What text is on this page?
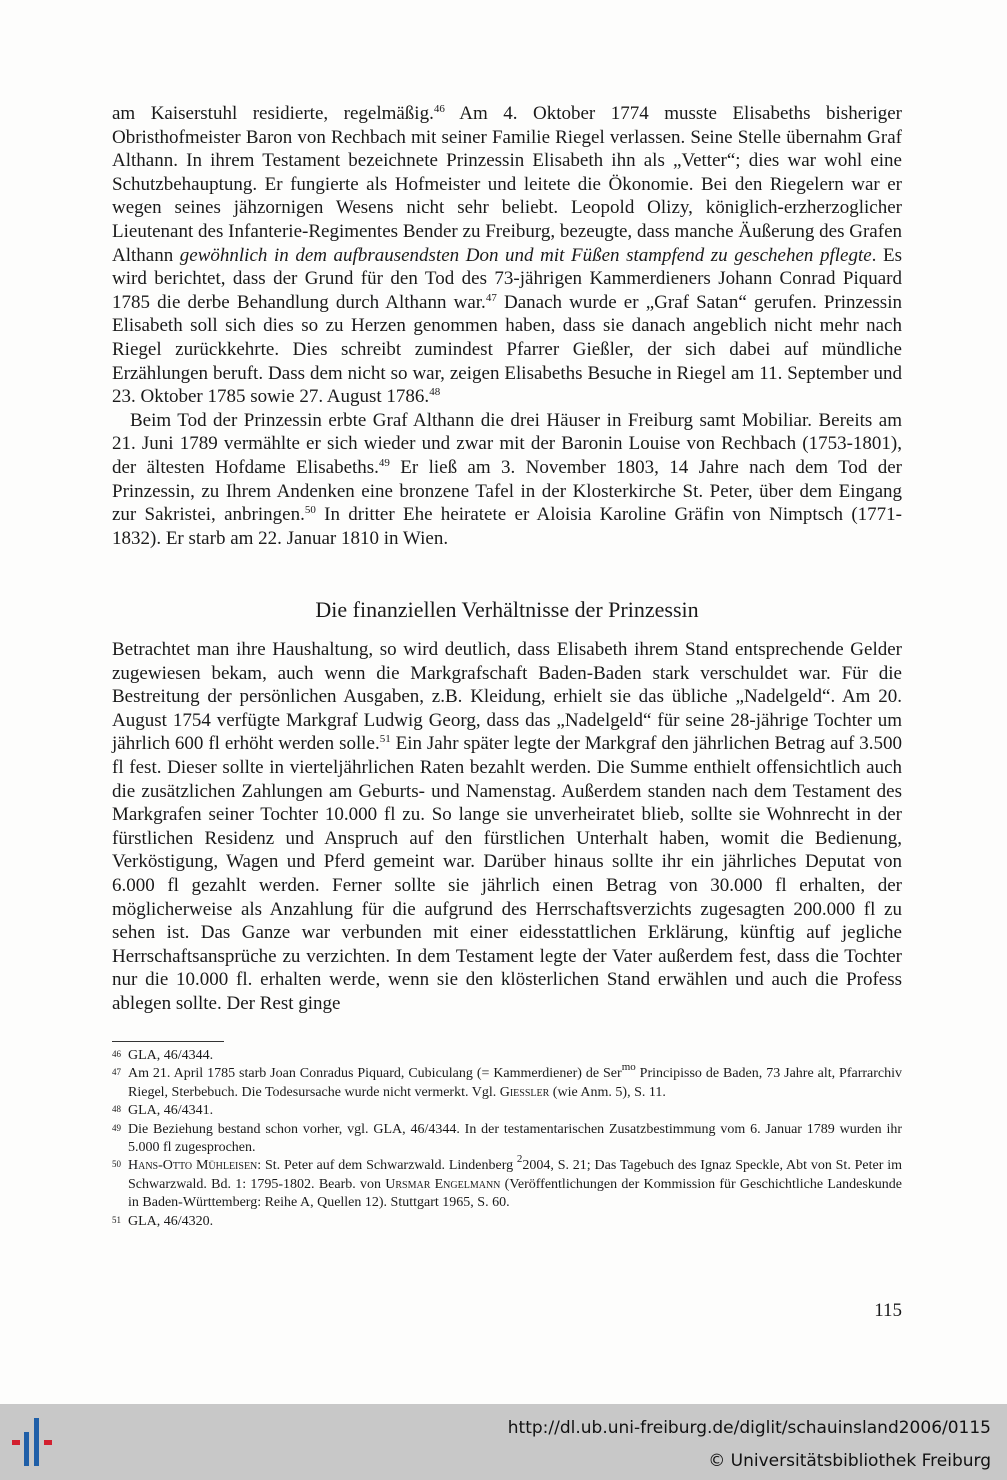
am Kaiserstuhl residierte, regelmäßig.$^{46}$ Am 4. Oktober 1774 musste Elisabeths bisheriger Obristhofmeister Baron von Rechbach mit seiner Familie Riegel verlassen. Seine Stelle übernahm Graf Althann. In ihrem Testament bezeichnete Prinzessin Elisabeth ihn als „Vetter“; dies war wohl eine Schutzbehauptung. Er fungierte als Hofmeister und leitete die Ökonomie. Bei den Riegelern war er wegen seines jähzornigen Wesens nicht sehr beliebt. Leopold Olizy, königlich-erzherzoglicher Lieutenant des Infanterie-Regimentes Bender zu Freiburg, bezeugte, dass manche Äußerung des Grafen Althann gewöhnlich in dem aufbrausendsten Don und mit Füßen stampfend zu geschehen pflegte. Es wird berichtet, dass der Grund für den Tod des 73-jährigen Kammerdieners Johann Conrad Piquard 1785 die derbe Behandlung durch Althann war.$^{47}$ Danach wurde er „Graf Satan“ gerufen. Prinzessin Elisabeth soll sich dies so zu Herzen genommen haben, dass sie danach angeblich nicht mehr nach Riegel zurückkehrte. Dies schreibt zumindest Pfarrer Gießler, der sich dabei auf mündliche Erzählungen beruft. Dass dem nicht so war, zeigen Elisabeths Besuche in Riegel am 11. September und 23. Oktober 1785 sowie 27. August 1786.48

Beim Tod der Prinzessin erbte Graf Althann die drei Häuser in Freiburg samt Mobiliar. Bereits am 21. Juni 1789 vermählte er sich wieder und zwar mit der Baronin Louise von Rechbach (1753-1801), der ältesten Hofdame Elisabeths.$^{49}$ Er ließ am 3. November 1803, 14 Jahre nach dem Tod der Prinzessin, zu Ihrem Andenken eine bronzene Tafel in der Klosterkirche St. Peter, über dem Eingang zur Sakristei, anbringen.$^{50}$ In dritter Ehe heiratete er Aloisia Karoline Gräfin von Nimptsch (1771-1832). Er starb am 22. Januar 1810 in Wien.

Die finanziellen Verhältnisse der Prinzessin

Betrachtet man ihre Haushaltung, so wird deutlich, dass Elisabeth ihrem Stand entsprechende Gelder zugewiesen bekam, auch wenn die Markgrafschaft Baden-Baden stark verschuldet war. Für die Bestreitung der persönlichen Ausgaben, z.B. Kleidung, erhielt sie das übliche „Nadelgeld“. Am 20. August 1754 verfügte Markgraf Ludwig Georg, dass das „Nadelgeld“ für seine 28-jährige Tochter um jährlich 600 fl erhöht werden solle.$^{51}$ Ein Jahr später legte der Markgraf den jährlichen Betrag auf 3.500 fl fest. Dieser sollte in vierteljährlichen Raten bezahlt werden. Die Summe enthielt offensichtlich auch die zusätzlichen Zahlungen am Geburts- und Namenstag. Außerdem standen nach dem Testament des Markgrafen seiner Tochter 10.000 fl zu. So lange sie unverheiratet blieb, sollte sie Wohnrecht in der fürstlichen Residenz und Anspruch auf den fürstlichen Unterhalt haben, womit die Bedienung, Verköstigung, Wagen und Pferd gemeint war. Darüber hinaus sollte ihr ein jährliches Deputat von 6.000 fl gezahlt werden. Ferner sollte sie jährlich einen Betrag von 30.000 fl erhalten, der möglicherweise als Anzahlung für die aufgrund des Herrschaftsverzichts zugesagten 200.000 fl zu sehen ist. Das Ganze war verbunden mit einer eidesstattlichen Erklärung, künftig auf jegliche Herrschaftsansprüche zu verzichten. In dem Testament legte der Vater außerdem fest, dass die Tochter nur die 10.000 fl. erhalten werde, wenn sie den klösterlichen Stand erwählen und auch die Profess ablegen sollte. Der Rest ginge

46 GLA, 46/4344.
47 Am 21. April 1785 starb Joan Conradus Piquard, Cubiculang (= Kammerdiener) de Ser$^{mo}$ Principisso de Baden, 73 Jahre alt, Pfarrarchiv Riegel, Sterbebuch. Die Todesursache wurde nicht vermerkt. Vgl. Giessler (wie Anm. 5), S. 11.
48 GLA, 46/4341.
49 Die Beziehung bestand schon vorher, vgl. GLA, 46/4344. In der testamentarischen Zusatzbestimmung vom 6. Januar 1789 wurden ihr 5.000 fl zugesprochen.
50 Hans-Otto Mühleisen: St. Peter auf dem Schwarzwald. Lindenberg $^2$2004, S. 21; Das Tagebuch des Ignaz Speckle, Abt von St. Peter im Schwarzwald. Bd. 1: 1795-1802. Bearb. von Ursmar Engelmann (Veröffentlichungen der Kommission für Geschichtliche Landeskunde in Baden-Württemberg: Reihe A, Quellen 12). Stuttgart 1965, S. 60.
51 GLA, 46/4320.
115
http://dl.ub.uni-freiburg.de/diglit/schauinsland2006/0115
© Universitätsbibliothek Freiburg
